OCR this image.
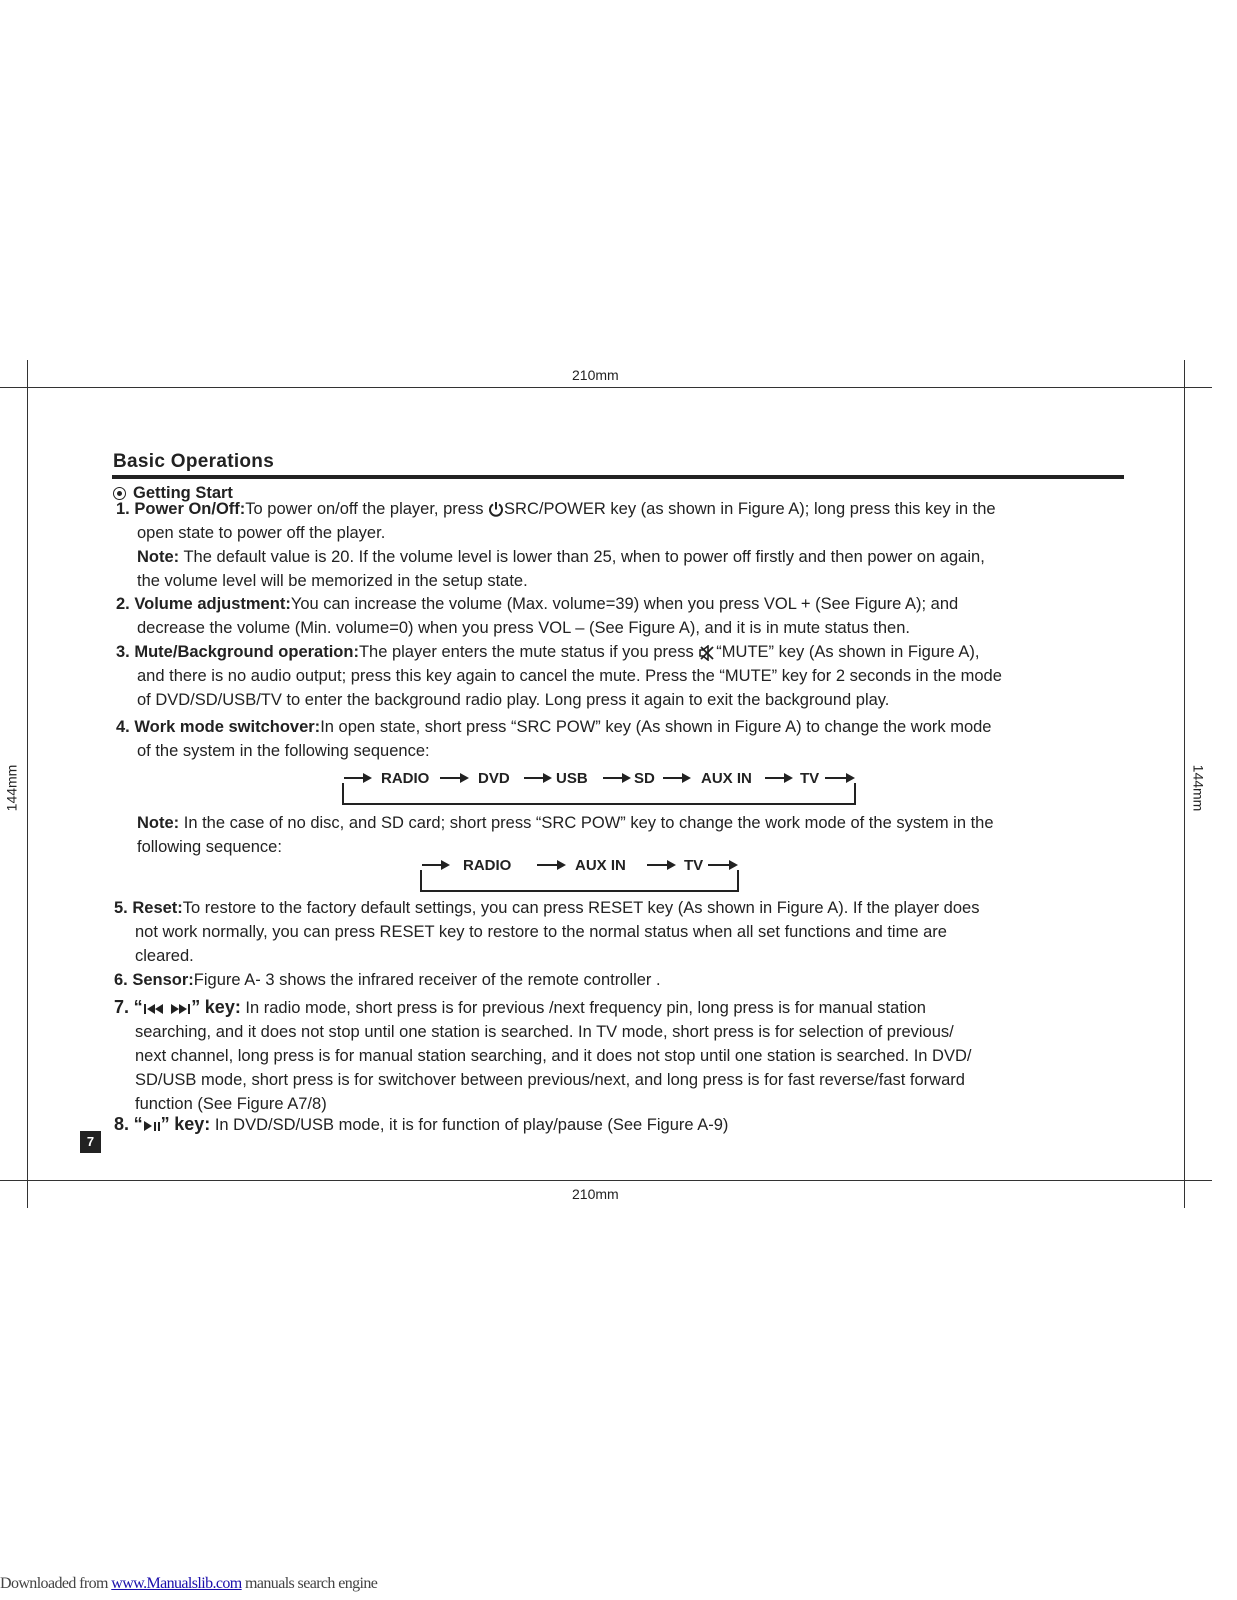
210mm
210mm
144mm	144mm
Basic Operations
Getting Start
1. Power On/Off:To power on/off the player, press SRC/POWER key (as shown in Figure A); long press this key in the
open state to power off the player.
Note: The default value is 20. If the volume level is lower than 25, when to power off firstly and then power on again,
the volume level will be memorized in the setup state.
2. Volume adjustment:You can increase the volume (Max. volume=39) when you press VOL + (See Figure A); and
decrease the volume (Min. volume=0) when you press VOL – (See Figure A), and it is in mute status then.
3. Mute/Background operation:The player enters the mute status if you press “MUTE” key (As shown in Figure A),
and there is no audio output; press this key again to cancel the mute. Press the “MUTE” key for 2 seconds in the mode
of DVD/SD/USB/TV to enter the background radio play. Long press it again to exit the background play.
4. Work mode switchover:In open state, short press “SRC POW” key (As shown in Figure A) to change the work mode
of the system in the following sequence:
RADIO	DVD	USB	SD	AUX IN	TV
Note: In the case of no disc, and SD card; short press “SRC POW” key to change the work mode of the system in the
following sequence:
RADIO	AUX IN	TV
5. Reset:To restore to the factory default settings, you can press RESET key (As shown in Figure A). If the player does
not work normally, you can press RESET key to restore to the normal status when all set functions and time are
cleared.
6. Sensor:Figure A- 3 shows the infrared receiver of the remote controller .
7. “	” key: In radio mode, short press is for previous /next frequency pin, long press is for manual station
searching, and it does not stop until one station is searched. In TV mode, short press is for selection of previous/
next channel, long press is for manual station searching, and it does not stop until one station is searched. In DVD/
SD/USB mode, short press is for switchover between previous/next, and long press is for fast reverse/fast forward
function (See Figure A7/8)
8. “ ” key: In DVD/SD/USB mode, it is for function of play/pause (See Figure A-9)
7
Downloaded from www.Manualslib.com manuals search engine
